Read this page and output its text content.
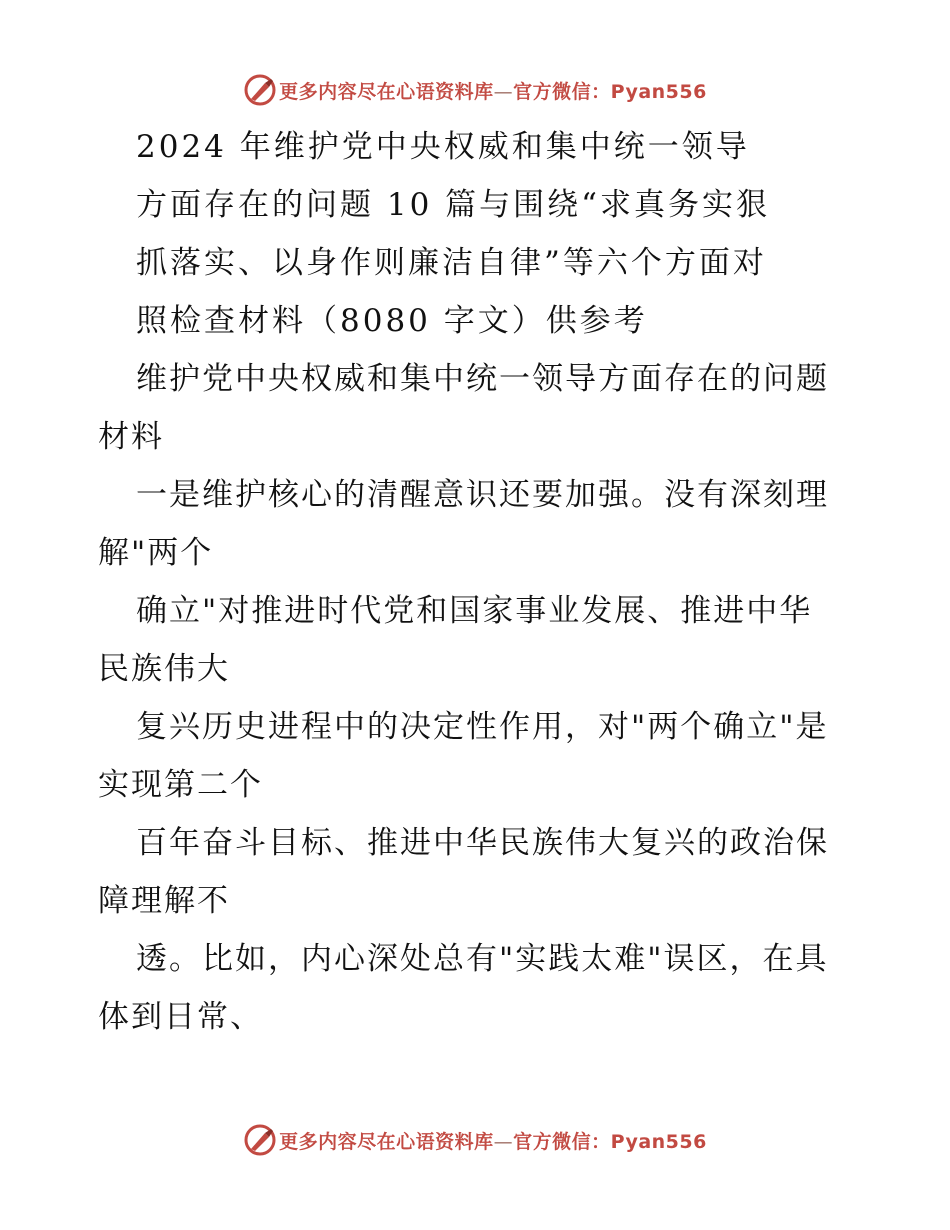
更多内容尽在心语资料库—官方微信：Pyan556
2024 年维护党中央权威和集中统一领导
方面存在的问题 10 篇与围绕“求真务实狠
抓落实、以身作则廉洁自律”等六个方面对
照检查材料（8080 字文）供参考
维护党中央权威和集中统一领导方面存在的问题
材料
一是维护核心的清醒意识还要加强。没有深刻理
解"两个
确立"对推进时代党和国家事业发展、推进中华
民族伟大
复兴历史进程中的决定性作用，对"两个确立"是
实现第二个
百年奋斗目标、推进中华民族伟大复兴的政治保
障理解不
透。比如，内心深处总有"实践太难"误区，在具
体到日常、
更多内容尽在心语资料库—官方微信：Pyan556
